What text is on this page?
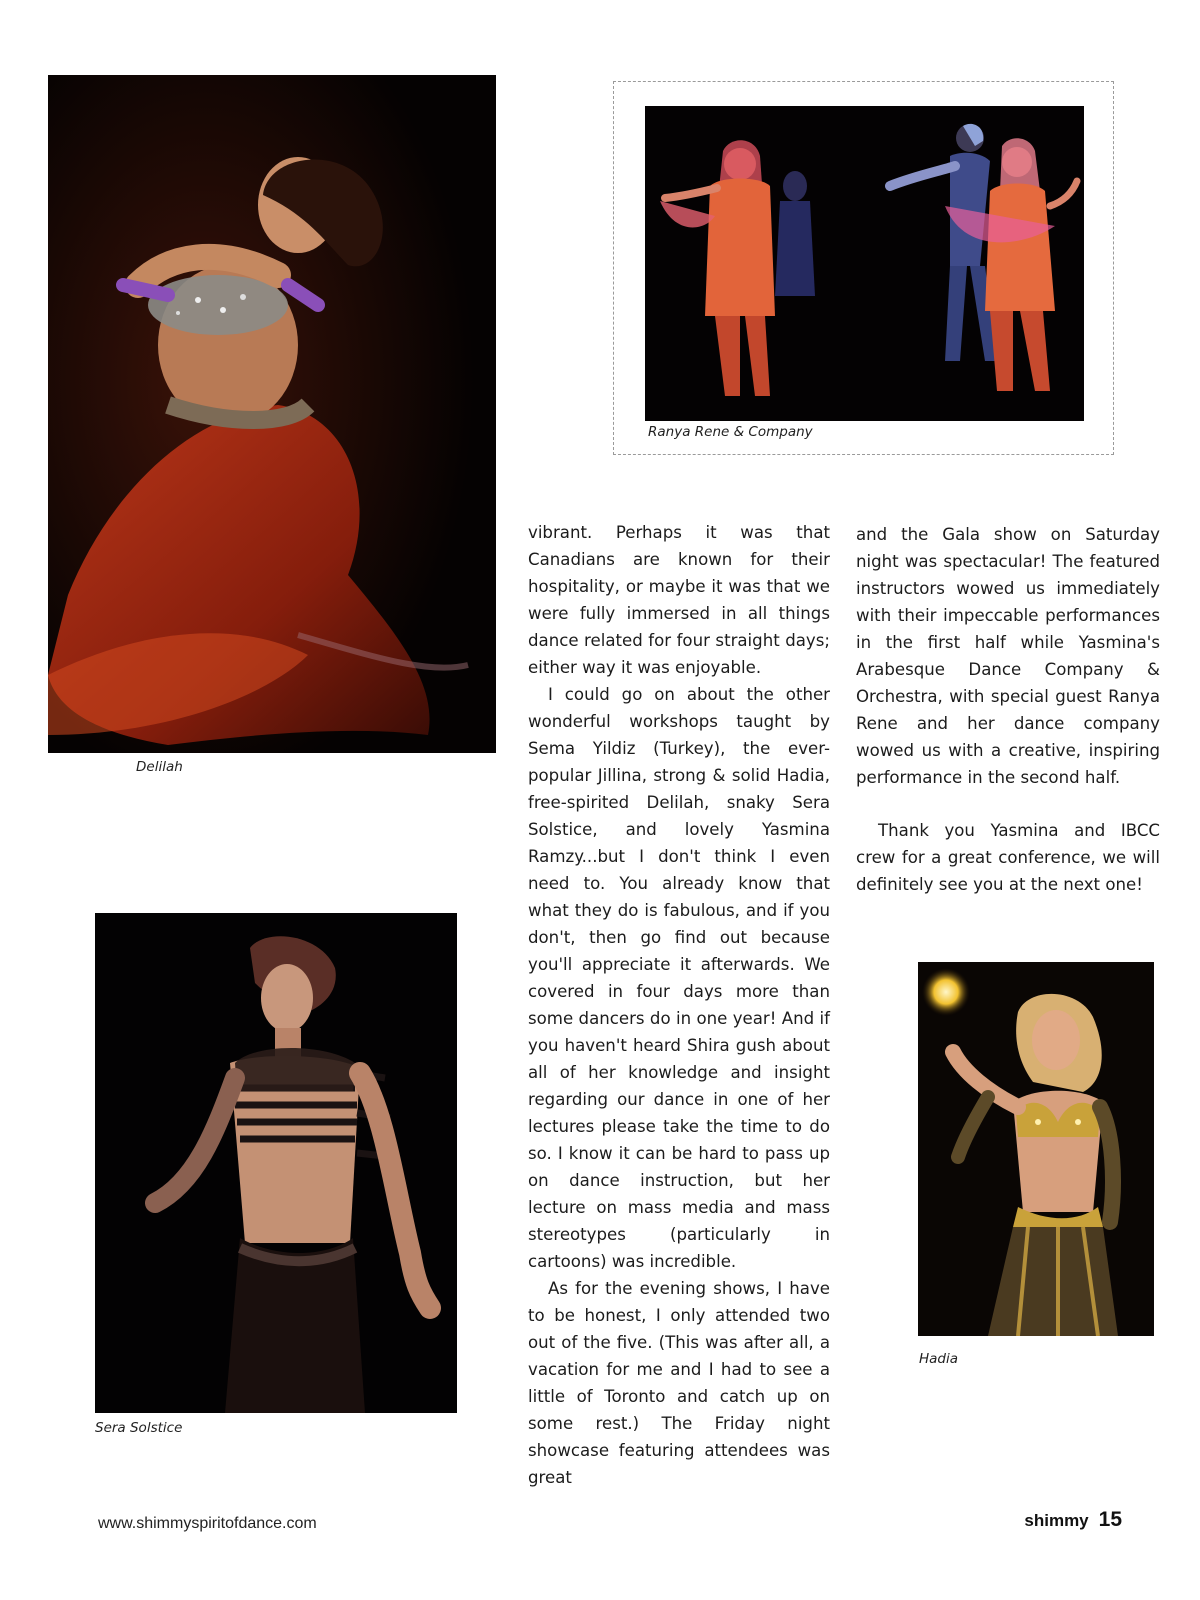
Delilah
Ranya Rene & Company
Sera Solstice
Hadia

vibrant. Perhaps it was that Canadians are known for their hospitality, or maybe it was that we were fully immersed in all things dance related for four straight days; either way it was enjoyable.

I could go on about the other wonderful workshops taught by Sema Yildiz (Turkey), the ever-popular Jillina, strong & solid Hadia, free-spirited Delilah, snaky Sera Solstice, and lovely Yasmina Ramzy...but I don't think I even need to. You already know that what they do is fabulous, and if you don't, then go find out because you'll appreciate it afterwards. We covered in four days more than some dancers do in one year! And if you haven't heard Shira gush about all of her knowledge and insight regarding our dance in one of her lectures please take the time to do so. I know it can be hard to pass up on dance instruction, but her lecture on mass media and mass stereotypes (particularly in cartoons) was incredible.

As for the evening shows, I have to be honest, I only attended two out of the five. (This was after all, a vacation for me and I had to see a little of Toronto and catch up on some rest.) The Friday night showcase featuring attendees was great

and the Gala show on Saturday night was spectacular! The featured instructors wowed us immediately with their impeccable performances in the first half while Yasmina's Arabesque Dance Company & Orchestra, with special guest Ranya Rene and her dance company wowed us with a creative, inspiring performance in the second half.

Thank you Yasmina and IBCC crew for a great conference, we will definitely see you at the next one!

www.shimmyspiritofdance.com	shimmy 15
